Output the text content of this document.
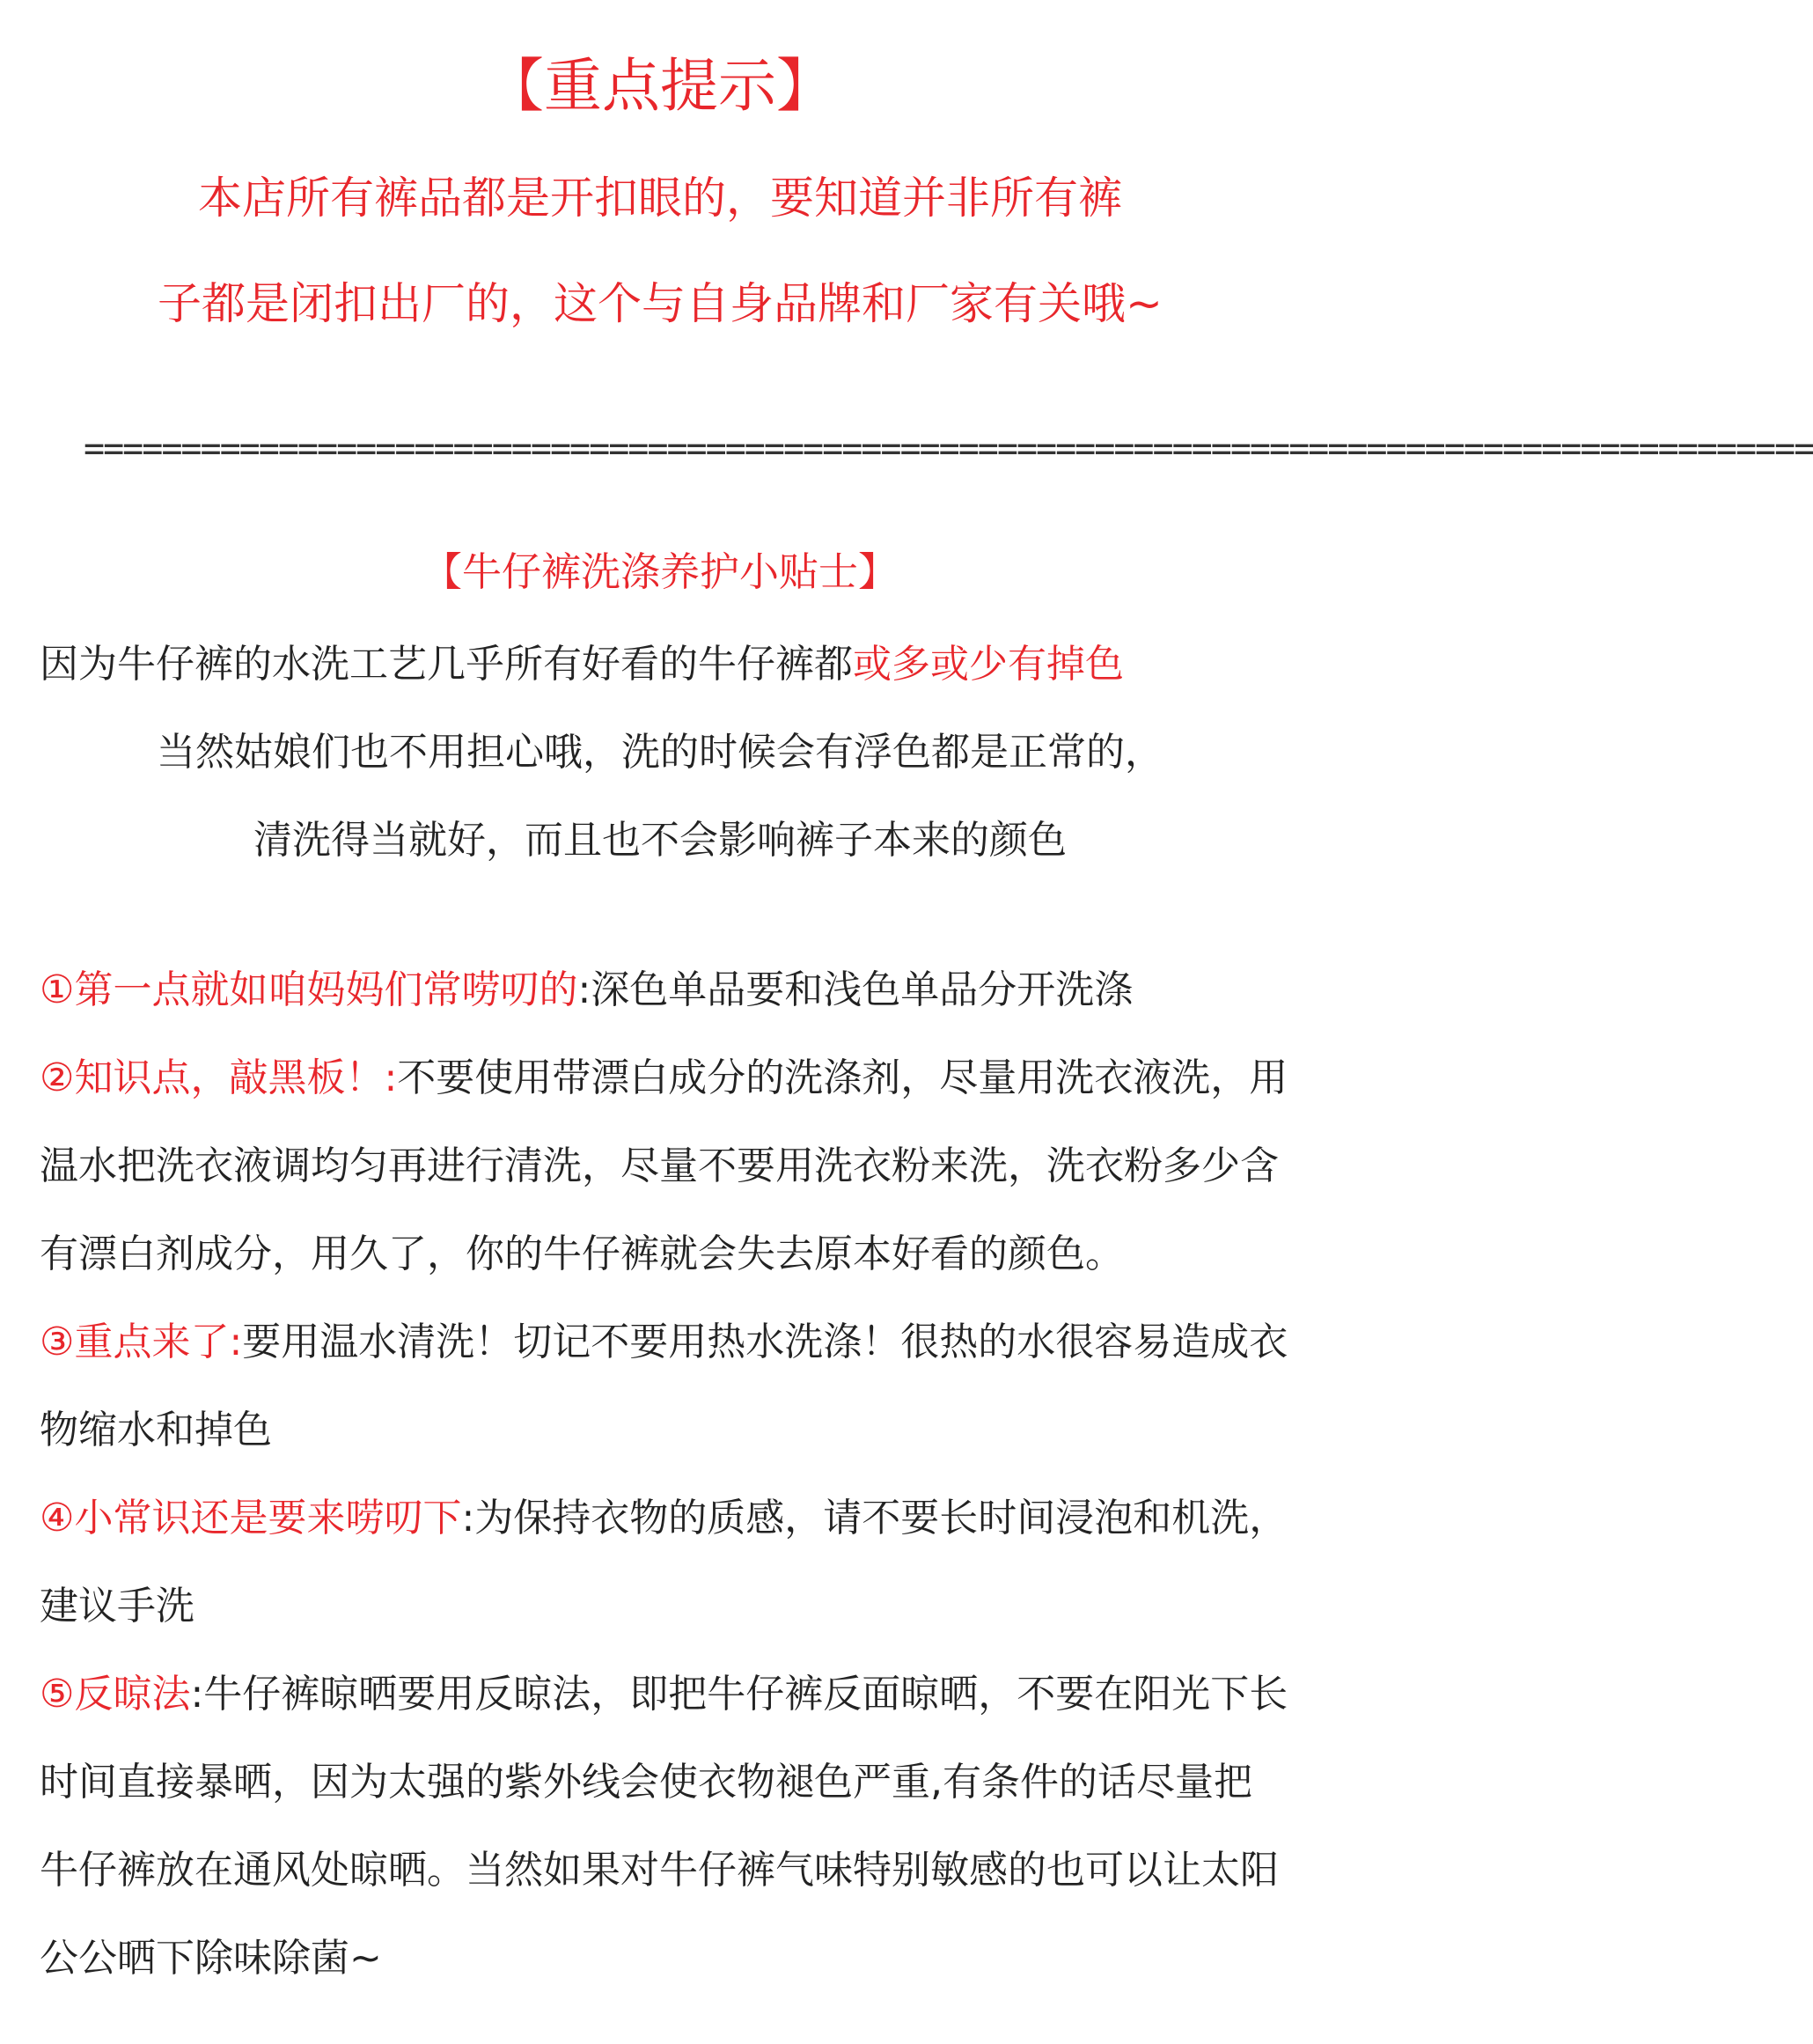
【重点提示】

本店所有裤品都是开扣眼的，要知道并非所有裤

子都是闭扣出厂的，这个与自身品牌和厂家有关哦~

=========================================================================================
【牛仔裤洗涤养护小贴士】

因为牛仔裤的水洗工艺几乎所有好看的牛仔裤都或多或少有掉色

当然姑娘们也不用担心哦，洗的时候会有浮色都是正常的，

清洗得当就好，而且也不会影响裤子本来的颜色

①第一点就如咱妈妈们常唠叨的:深色单品要和浅色单品分开洗涤

②知识点，敲黑板！:不要使用带漂白成分的洗涤剂，尽量用洗衣液洗，用温水把洗衣液调均匀再进行清洗，尽量不要用洗衣粉来洗，洗衣粉多少含有漂白剂成分，用久了，你的牛仔裤就会失去原本好看的颜色。

③重点来了:要用温水清洗！切记不要用热水洗涤！很热的水很容易造成衣物缩水和掉色

④小常识还是要来唠叨下:为保持衣物的质感，请不要长时间浸泡和机洗，建议手洗

⑤反晾法:牛仔裤晾晒要用反晾法，即把牛仔裤反面晾晒，不要在阳光下长时间直接暴晒，因为太强的紫外线会使衣物褪色严重,有条件的话尽量把牛仔裤放在通风处晾晒。当然如果对牛仔裤气味特别敏感的也可以让太阳公公晒下除味除菌~
